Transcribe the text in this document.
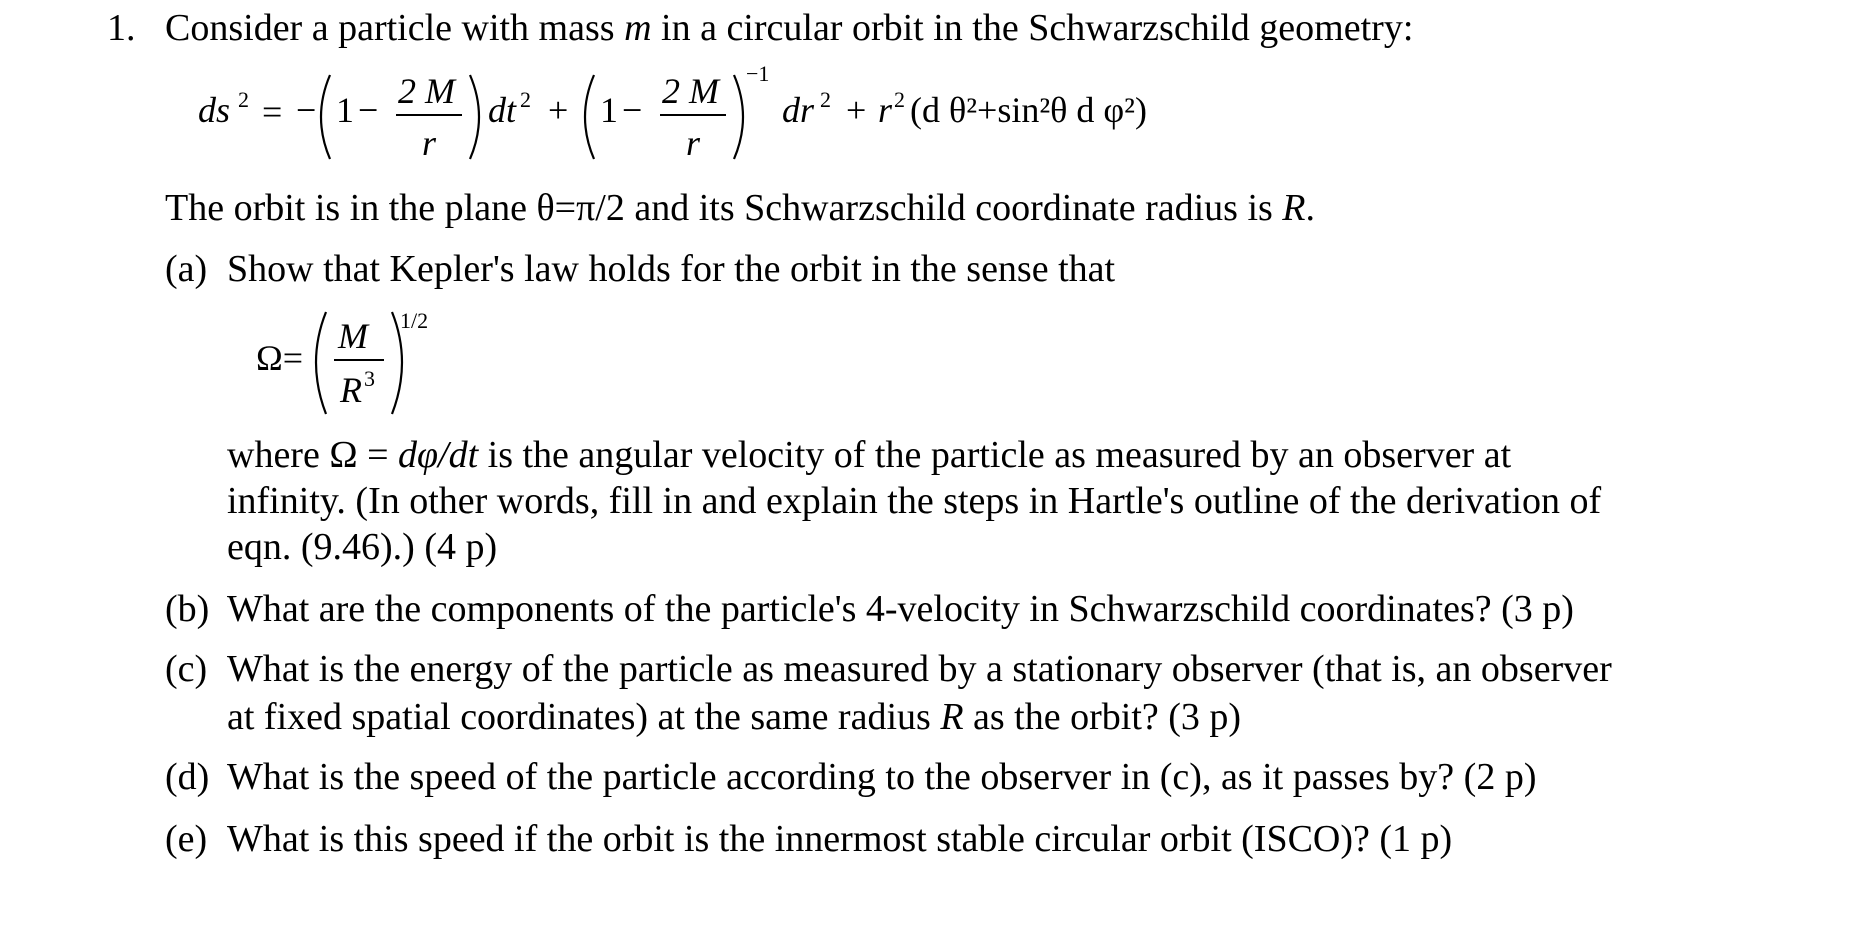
1. Consider a particle with mass m in a circular orbit in the Schwarzschild geometry:
ds 2 = − 1 − 2 M
r
dt 2 + 1 − 2 M
r
−1
dr 2 + r 2 (d θ²+sin²θ d φ²)
The orbit is in the plane θ=π/2 and its Schwarzschild coordinate radius is R.
(a) Show that Kepler's law holds for the orbit in the sense that
Ω=
M
R 3
1/2
where Ω = dφ/dt is the angular velocity of the particle as measured by an observer at
infinity. (In other words, fill in and explain the steps in Hartle's outline of the derivation of
eqn. (9.46).) (4 p)
(b) What are the components of the particle's 4-velocity in Schwarzschild coordinates? (3 p)
(c) What is the energy of the particle as measured by a stationary observer (that is, an observer
at fixed spatial coordinates) at the same radius R as the orbit? (3 p)
(d) What is the speed of the particle according to the observer in (c), as it passes by? (2 p)
(e) What is this speed if the orbit is the innermost stable circular orbit (ISCO)? (1 p)
